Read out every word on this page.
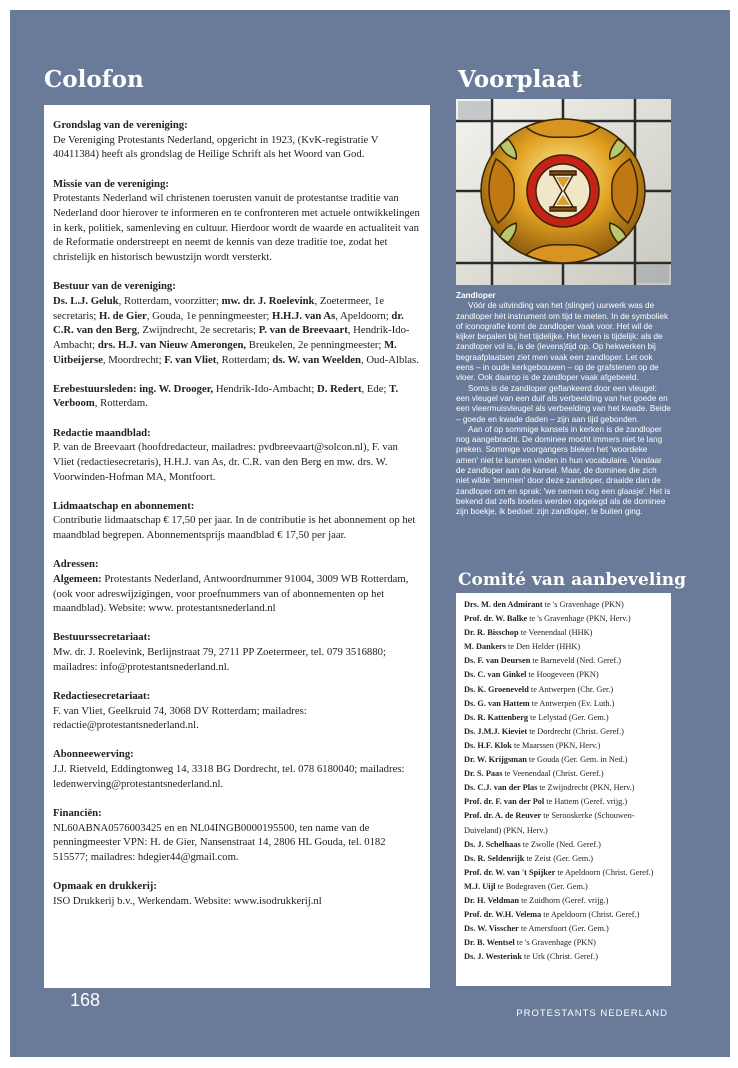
Colofon	Voorplaat
Grondslag van de vereniging:
De Vereniging Protestants Nederland, opgericht in 1923, (KvK-registratie V 40411384) heeft als grondslag de Heilige Schrift als het Woord van God.
Missie van de vereniging:
Protestants Nederland wil christenen toerusten vanuit de protestantse traditie van Nederland door hierover te informeren en te confronteren met actuele ontwikkelingen in kerk, politiek, samenleving en cultuur. Hierdoor wordt de waarde en actualiteit van de Reformatie onderstreept en neemt de kennis van deze traditie toe, zodat het christelijk en historisch bewustzijn wordt versterkt.
Bestuur van de vereniging:
Ds. L.J. Geluk, Rotterdam, voorzitter; mw. dr. J. Roelevink, Zoetermeer, 1e secretaris; H. de Gier, Gouda, 1e penningmeester; H.H.J. van As, Apeldoorn; dr. C.R. van den Berg, Zwijndrecht, 2e secretaris; P. van de Breevaart, Hendrik-Ido-Ambacht; drs. H.J. van Nieuw Amerongen, Breukelen, 2e penningmeester; M. Uitbeijerse, Moordrecht; F. van Vliet, Rotterdam; ds. W. van Weelden, Oud-Alblas.
Erebestuursleden: ing. W. Drooger, Hendrik-Ido-Ambacht; D. Redert, Ede; T. Verboom, Rotterdam.
Redactie maandblad:
P. van de Breevaart (hoofdredacteur, mailadres: pvdbreevaart@solcon.nl), F. van Vliet (redactiesecretaris), H.H.J. van As, dr. C.R. van den Berg en mw. drs. W. Voorwinden-Hofman MA, Montfoort.
Lidmaatschap en abonnement:
Contributie lidmaatschap € 17,50 per jaar. In de contributie is het abonnement op het maandblad begrepen. Abonnementsprijs maandblad € 17,50 per jaar.
Adressen:
Algemeen: Protestants Nederland, Antwoordnummer 91004, 3009 WB Rotterdam, (ook voor adreswijzigingen, voor proefnummers van of abonnementen op het maandblad). Website: www. protestantsnederland.nl
Bestuurssecretariaat:
Mw. dr. J. Roelevink, Berlijnstraat 79, 2711 PP Zoetermeer, tel. 079 3516880; mailadres: info@protestantsnederland.nl.
Redactiesecretariaat:
F. van Vliet, Geelkruid 74, 3068 DV Rotterdam; mailadres: redactie@protestantsnederland.nl.
Abonneewerving:
J.J. Rietveld, Eddingtonweg 14, 3318 BG Dordrecht, tel. 078 6180040; mailadres: ledenwerving@protestantsnederland.nl.
Financiën:
NL60ABNA0576003425 en en NL04INGB0000195500, ten name van de penningmeester VPN: H. de Gier, Nansenstraat 14, 2806 HL Gouda, tel. 0182 515577; mailadres: hdegier44@gmail.com.
Opmaak en drukkerij:
ISO Drukkerij b.v., Werkendam. Website: www.isodrukkerij.nl
Zandloper

Vóór de uitvinding van het (slinger) uurwerk was de zandloper hét instrument om tijd te meten. In de symboliek of iconografie komt de zandloper vaak voor. Het wil de kijker bepalen bij het tijdelijke. Het leven is tijdelijk: als de zandloper vol is, is de (levens)tijd op. Op hekwerken bij begraafplaatsen ziet men vaak een zandloper. Let ook eens – in oude kerkgebouwen – op de grafstenen op de vloer. Ook daarop is de zandloper vaak afgebeeld.

Soms is de zandloper geflankeerd door een vleugel: een vleugel van een duif als verbeelding van het goede en een vleermuisvleugel als verbeelding van het kwade. Beide – goede en kwade daden – zijn aan tijd gebonden.

Aan of op sommige kansels in kerken is de zandloper nog aangebracht. De dominee mocht immers niet te lang preken. Sommige voorgangers bleken het 'woordeke amen' niet te kunnen vinden in hun vocabulaire. Vandaar de zandloper aan de kansel. Maar, de dominee die zich niet wilde 'temmen' door deze zandloper, draaide dan de zandloper om en sprak: 'we nemen nog een glaasje'. Het is bekend dat zelfs boetes werden opgelegd als de dominee zijn boekje, ik bedoel: zijn zandloper, te buiten ging.

Comité van aanbeveling
Drs. M. den Admirant te 's Gravenhage (PKN)
Prof. dr. W. Balke te 's Gravenhage (PKN, Herv.)
Dr. R. Bisschop te Veenendaal (HHK)
M. Dankers te Den Helder (HHK)
Ds. F. van Deursen te Barneveld (Ned. Geref.)
Ds. C. van Ginkel te Hoogeveen (PKN)
Ds. K. Groeneveld te Antwerpen (Chr. Ger.)
Ds. G. van Hattem te Antwerpen (Ev. Luth.)
Ds. R. Kattenberg te Lelystad (Ger. Gem.)
Ds. J.M.J. Kieviet te Dordrecht (Christ. Geref.)
Ds. H.F. Klok te Maarssen (PKN, Herv.)
Dr. W. Krijgsman te Gouda (Ger. Gem. in Ned.)
Dr. S. Paas te Veenendaal (Christ. Geref.)
Ds. C.J. van der Plas te Zwijndrecht (PKN, Herv.)
Prof. dr. F. van der Pol te Hattem (Geref. vrijg.)
Prof. dr. A. de Reuver te Serooskerke (Schouwen-Duiveland) (PKN, Herv.)
Ds. J. Schelhaas te Zwolle (Ned. Geref.)
Ds. R. Seldenrijk te Zeist (Ger. Gem.)
Prof. dr. W. van 't Spijker te Apeldoorn (Christ. Geref.)
M.J. Uijl te Bodegraven (Ger. Gem.)
Dr. H. Veldman te Zuidhorn (Geref. vrijg.)
Prof. dr. W.H. Velema te Apeldoorn (Christ. Geref.)
Ds. W. Visscher te Amersfoort (Ger. Gem.)
Dr. B. Wentsel te 's Gravenhage (PKN)
Ds. J. Westerink te Urk (Christ. Geref.)
168
PROTESTANTS NEDERLAND
